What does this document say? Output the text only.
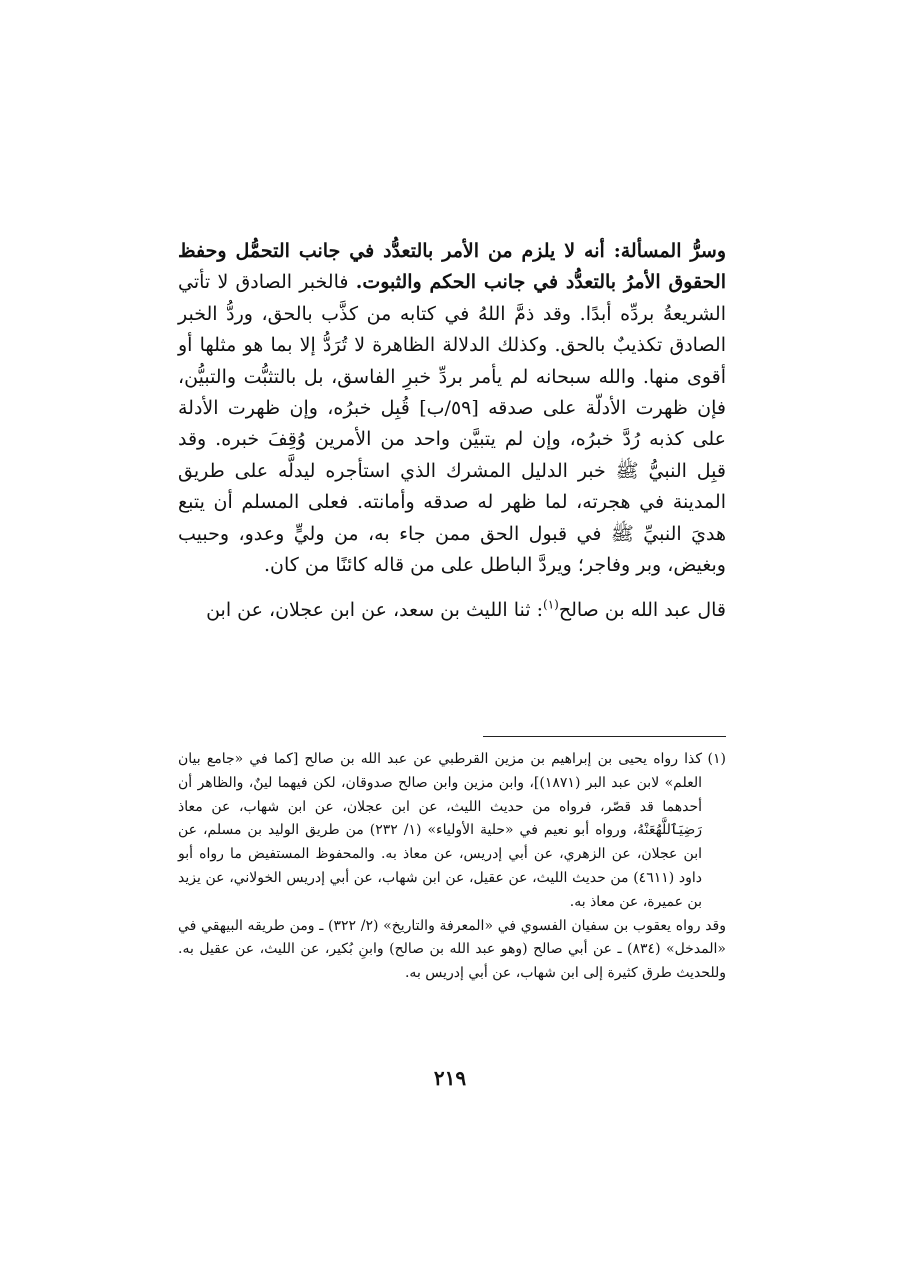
وسرُّ المسألة: أنه لا يلزم من الأمر بالتعدُّد في جانب التحمُّل وحفظ الحقوق الأمرُ بالتعدُّد في جانب الحكم والثبوت. فالخبر الصادق لا تأتي الشريعةُ بردِّه أبدًا. وقد ذمَّ اللهُ في كتابه من كذَّب بالحق، وردُّ الخبر الصادق تكذيبٌ بالحق. وكذلك الدلالة الظاهرة لا تُرَدُّ إلا بما هو مثلها أو أقوى منها. والله سبحانه لم يأمر بردِّ خبرِ الفاسق، بل بالتثبُّت والتبيُّن، فإن ظهرت الأدلّة على صدقه [٥٩/ب] قُبِل خبرُه، وإن ظهرت الأدلة على كذبه رُدَّ خبرُه، وإن لم يتبيَّن واحد من الأمرين وُقِفَ خبره. وقد قبِل النبيُّ ﷺ خبر الدليل المشرك الذي استأجره ليدلَّه على طريق المدينة في هجرته، لما ظهر له صدقه وأمانته. فعلى المسلم أن يتبع هديَ النبيِّ ﷺ في قبول الحق ممن جاء به، من وليٍّ وعدو، وحبيب وبغيض، وبر وفاجر؛ ويردَّ الباطل على من قاله كائنًا من كان.

قال عبد الله بن صالح$^{(١)}$: ثنا الليث بن سعد، عن ابن عجلان، عن ابن

(١)
كذا رواه يحيى بن إبراهيم بن مزين القرطبي عن عبد الله بن صالح [كما في «جامع بيان العلم» لابن عبد البر (١٨٧١)]، وابن مزين وابن صالح صدوقان، لكن فيهما لينٌ، والظاهر أن أحدهما قد قصّر، فرواه من حديث الليث، عن ابن عجلان، عن ابن شهاب، عن معاذ رَضِيَٱللَّهُعَنْهُ، ورواه أبو نعيم في «حلية الأولياء» (١/ ٢٣٢) من طريق الوليد بن مسلم، عن ابن عجلان، عن الزهري، عن أبي إدريس، عن معاذ به. والمحفوظ المستفيض ما رواه أبو داود (٤٦١١) من حديث الليث، عن عقيل، عن ابن شهاب، عن أبي إدريس الخولاني، عن يزيد بن عميرة، عن معاذ به.

وقد رواه يعقوب بن سفيان الفسوي في «المعرفة والتاريخ» (٢/ ٣٢٢) ـ ومن طريقه البيهقي في «المدخل» (٨٣٤) ـ عن أبي صالح (وهو عبد الله بن صالح) وابنِ بُكير، عن الليث، عن عقيل به. وللحديث طرق كثيرة إلى ابن شهاب، عن أبي إدريس به.

٢١٩
